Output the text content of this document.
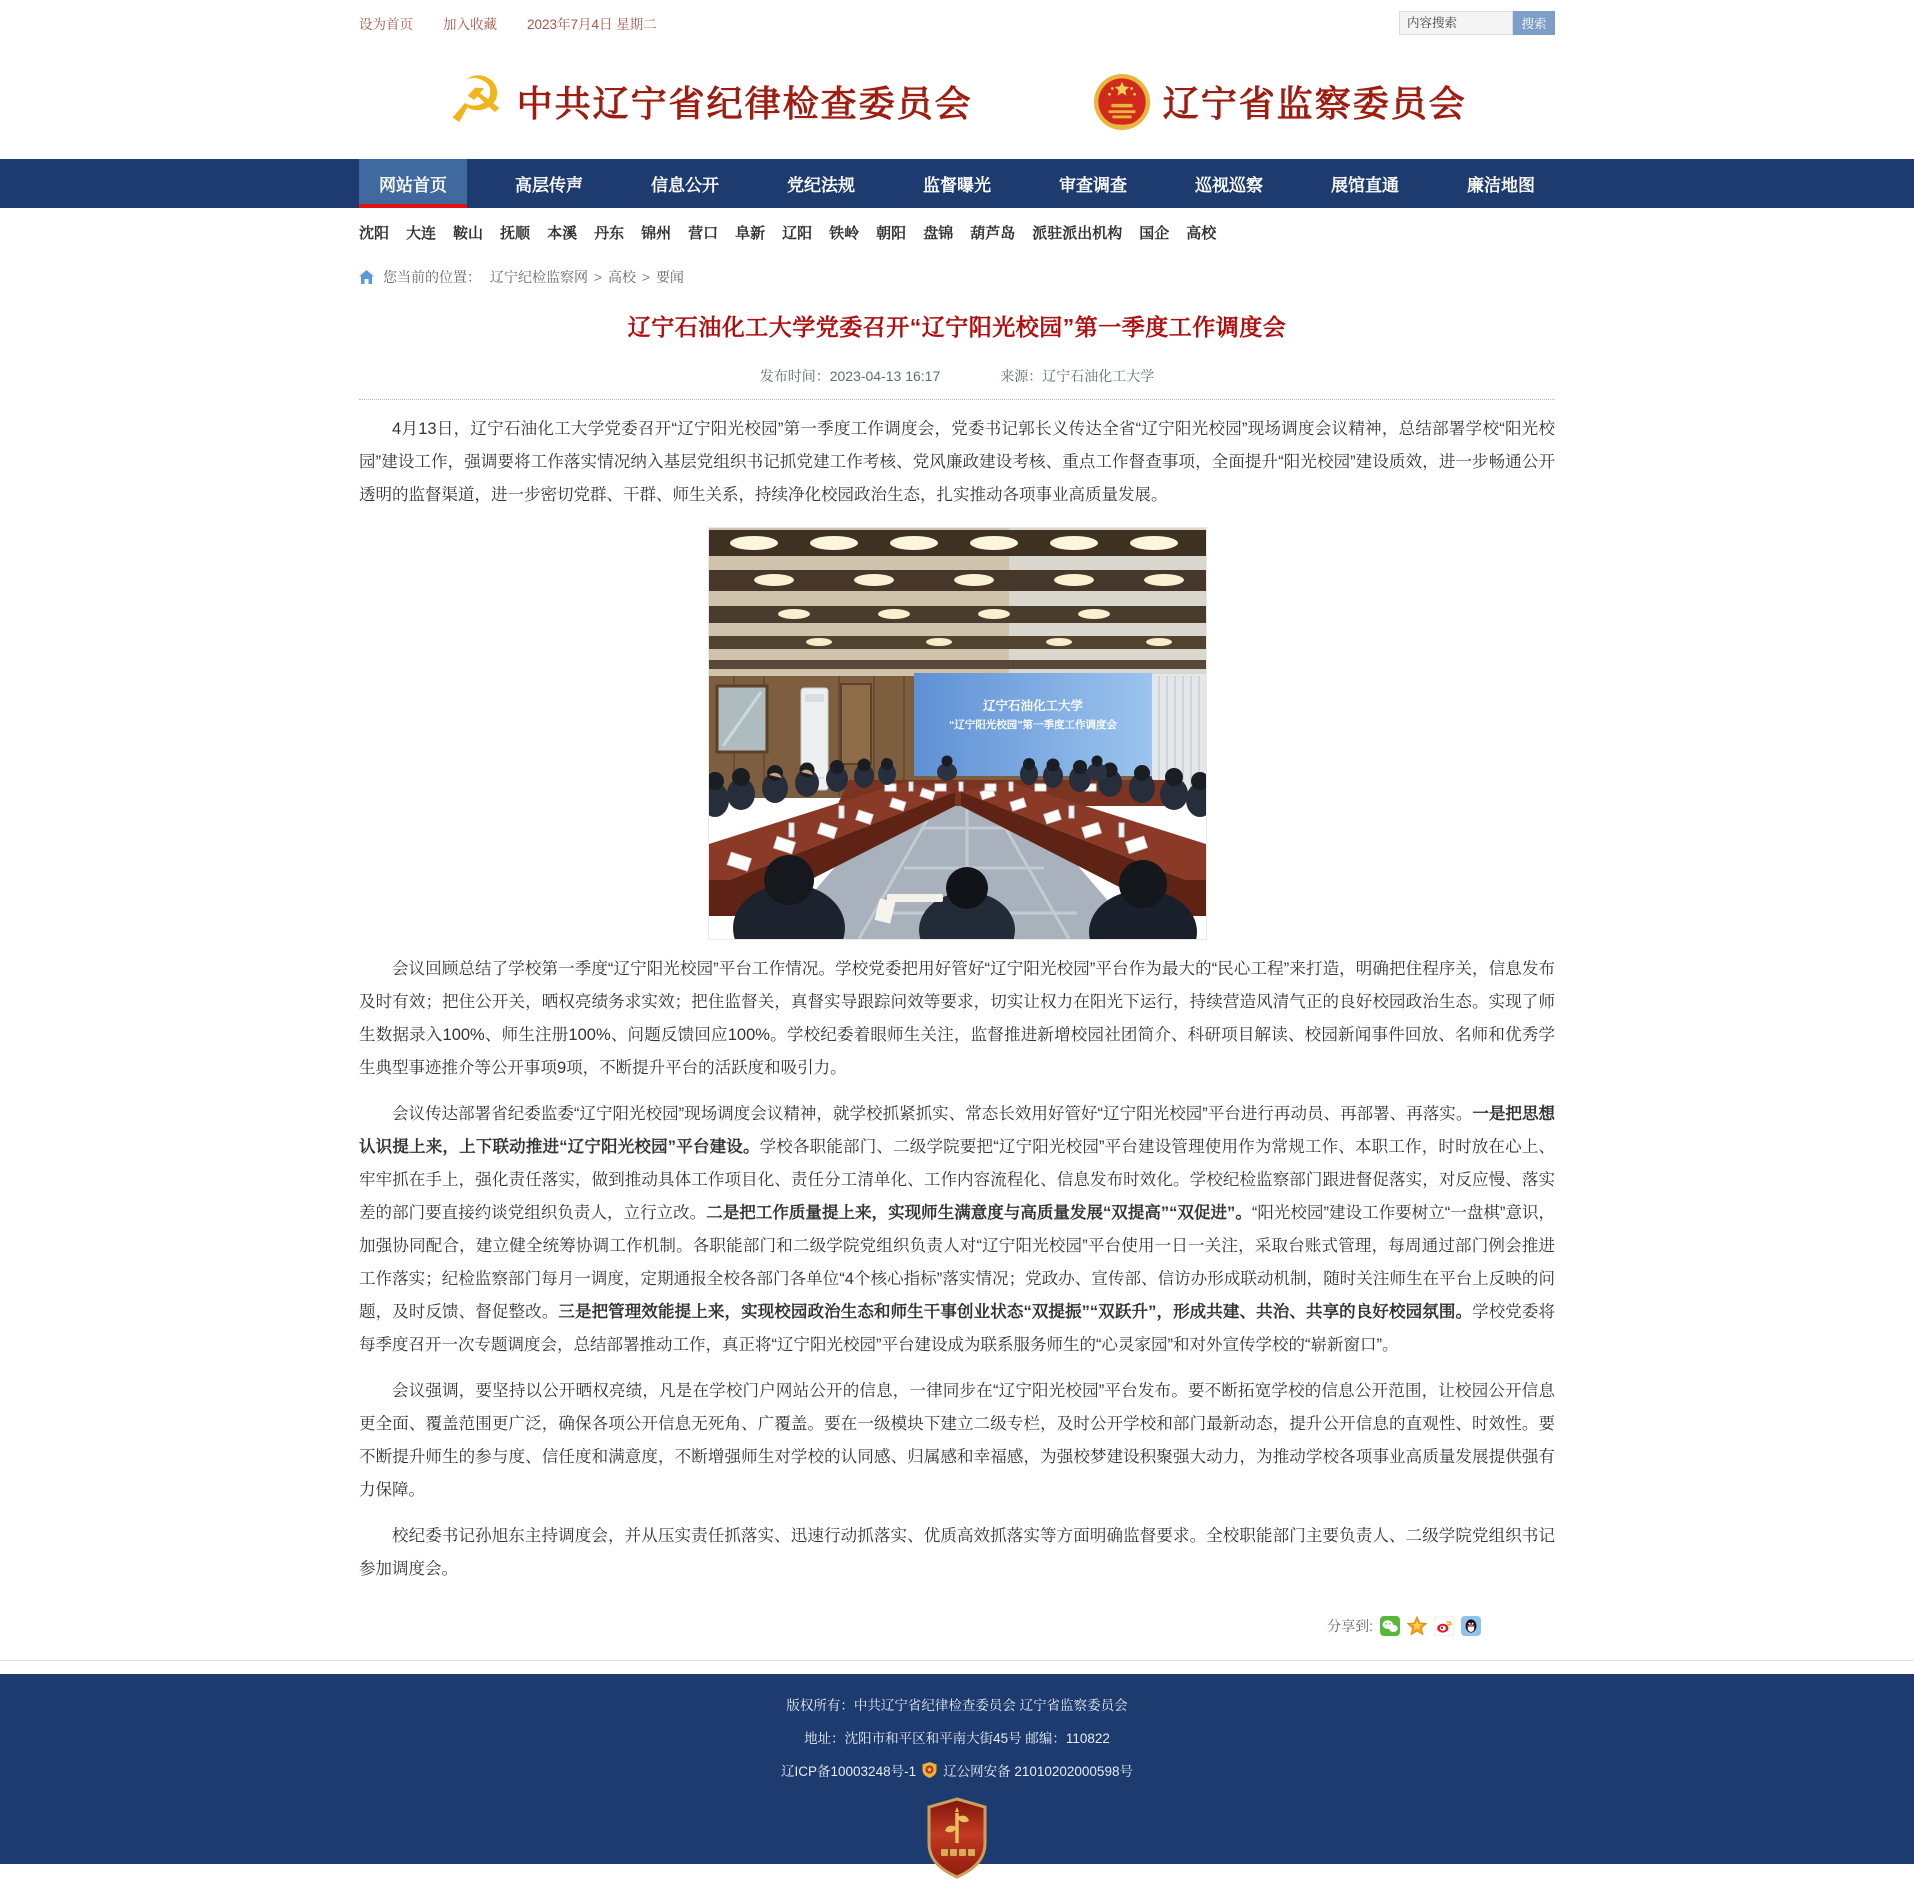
设为首页 加入收藏 2023年7月4日 星期二
内容搜索	搜索
☭ 中共辽宁省纪律检查委员会	辽宁省监察委员会
网站首页	高层传声	信息公开	党纪法规	监督曝光	审查调查	巡视巡察	展馆直通	廉洁地图
沈阳 大连 鞍山 抚顺 本溪 丹东 锦州 营口 阜新 辽阳 铁岭 朝阳 盘锦 葫芦岛 派驻派出机构 国企 高校
您当前的位置： 辽宁纪检监察网 > 高校 > 要闻
辽宁石油化工大学党委召开“辽宁阳光校园”第一季度工作调度会
发布时间：2023-04-13 16:17	来源：辽宁石油化工大学

4月13日，辽宁石油化工大学党委召开“辽宁阳光校园”第一季度工作调度会，党委书记郭长义传达全省“辽宁阳光校园”现场调度会议精神，总结部署学校“阳光校园”建设工作，强调要将工作落实情况纳入基层党组织书记抓党建工作考核、党风廉政建设考核、重点工作督查事项，全面提升“阳光校园”建设质效，进一步畅通公开透明的监督渠道，进一步密切党群、干群、师生关系，持续净化校园政治生态，扎实推动各项事业高质量发展。

辽宁石油化工大学
“辽宁阳光校园”第一季度工作调度会

会议回顾总结了学校第一季度“辽宁阳光校园”平台工作情况。学校党委把用好管好“辽宁阳光校园”平台作为最大的“民心工程”来打造，明确把住程序关，信息发布及时有效；把住公开关，晒权亮绩务求实效；把住监督关，真督实导跟踪问效等要求，切实让权力在阳光下运行，持续营造风清气正的良好校园政治生态。实现了师生数据录入100%、师生注册100%、问题反馈回应100%。学校纪委着眼师生关注，监督推进新增校园社团简介、科研项目解读、校园新闻事件回放、名师和优秀学生典型事迹推介等公开事项9项，不断提升平台的活跃度和吸引力。

会议传达部署省纪委监委“辽宁阳光校园”现场调度会议精神，就学校抓紧抓实、常态长效用好管好“辽宁阳光校园”平台进行再动员、再部署、再落实。一是把思想认识提上来，上下联动推进“辽宁阳光校园”平台建设。学校各职能部门、二级学院要把“辽宁阳光校园”平台建设管理使用作为常规工作、本职工作，时时放在心上、牢牢抓在手上，强化责任落实，做到推动具体工作项目化、责任分工清单化、工作内容流程化、信息发布时效化。学校纪检监察部门跟进督促落实，对反应慢、落实差的部门要直接约谈党组织负责人，立行立改。二是把工作质量提上来，实现师生满意度与高质量发展“双提高”“双促进”。“阳光校园”建设工作要树立“一盘棋”意识，加强协同配合，建立健全统筹协调工作机制。各职能部门和二级学院党组织负责人对“辽宁阳光校园”平台使用一日一关注，采取台账式管理，每周通过部门例会推进工作落实；纪检监察部门每月一调度，定期通报全校各部门各单位“4个核心指标”落实情况；党政办、宣传部、信访办形成联动机制，随时关注师生在平台上反映的问题，及时反馈、督促整改。三是把管理效能提上来，实现校园政治生态和师生干事创业状态“双提振”“双跃升”，形成共建、共治、共享的良好校园氛围。学校党委将每季度召开一次专题调度会，总结部署推动工作，真正将“辽宁阳光校园”平台建设成为联系服务师生的“心灵家园”和对外宣传学校的“崭新窗口”。

会议强调，要坚持以公开晒权亮绩，凡是在学校门户网站公开的信息，一律同步在“辽宁阳光校园”平台发布。要不断拓宽学校的信息公开范围，让校园公开信息更全面、覆盖范围更广泛，确保各项公开信息无死角、广覆盖。要在一级模块下建立二级专栏，及时公开学校和部门最新动态，提升公开信息的直观性、时效性。要不断提升师生的参与度、信任度和满意度，不断增强师生对学校的认同感、归属感和幸福感，为强校梦建设积聚强大动力，为推动学校各项事业高质量发展提供强有力保障。

校纪委书记孙旭东主持调度会，并从压实责任抓落实、迅速行动抓落实、优质高效抓落实等方面明确监督要求。全校职能部门主要负责人、二级学院党组织书记参加调度会。

分享到:

版权所有：中共辽宁省纪律检查委员会 辽宁省监察委员会

地址：沈阳市和平区和平南大街45号 邮编：110822

辽ICP备10003248号-1 辽公网安备 21010202000598号
